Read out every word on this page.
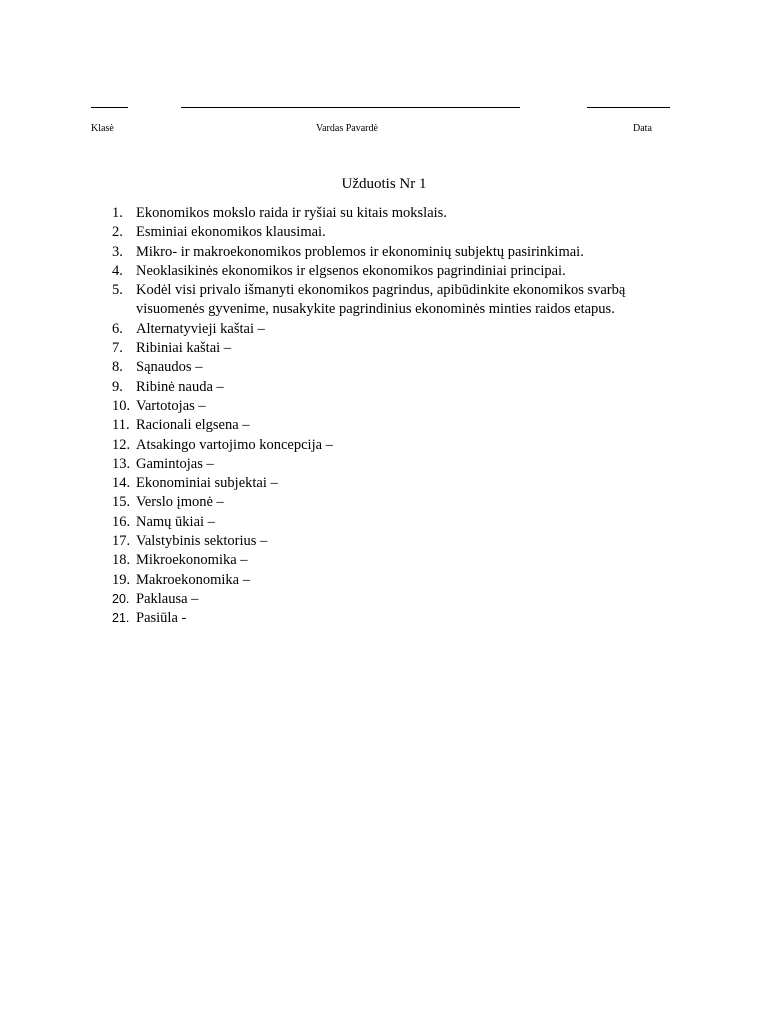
Klasė	Vardas Pavardė	Data
Užduotis Nr 1
1. Ekonomikos mokslo raida ir ryšiai su kitais mokslais.
2. Esminiai ekonomikos klausimai.
3. Mikro- ir makroekonomikos problemos ir ekonominių subjektų pasirinkimai.
4. Neoklasikinės ekonomikos ir elgsenos ekonomikos pagrindiniai principai.
5. Kodėl visi privalo išmanyti ekonomikos pagrindus, apibūdinkite ekonomikos svarbą visuomenės gyvenime, nusakykite pagrindinius ekonominės minties raidos etapus.
6. Alternatyvieji kaštai –
7. Ribiniai kaštai –
8. Sąnaudos –
9. Ribinė nauda –
10. Vartotojas –
11. Racionali elgsena –
12. Atsakingo vartojimo koncepcija –
13. Gamintojas –
14. Ekonominiai subjektai –
15. Verslo įmonė –
16. Namų ūkiai –
17. Valstybinis sektorius –
18. Mikroekonomika –
19. Makroekonomika –
20. Paklausa –
21. Pasiūla -
